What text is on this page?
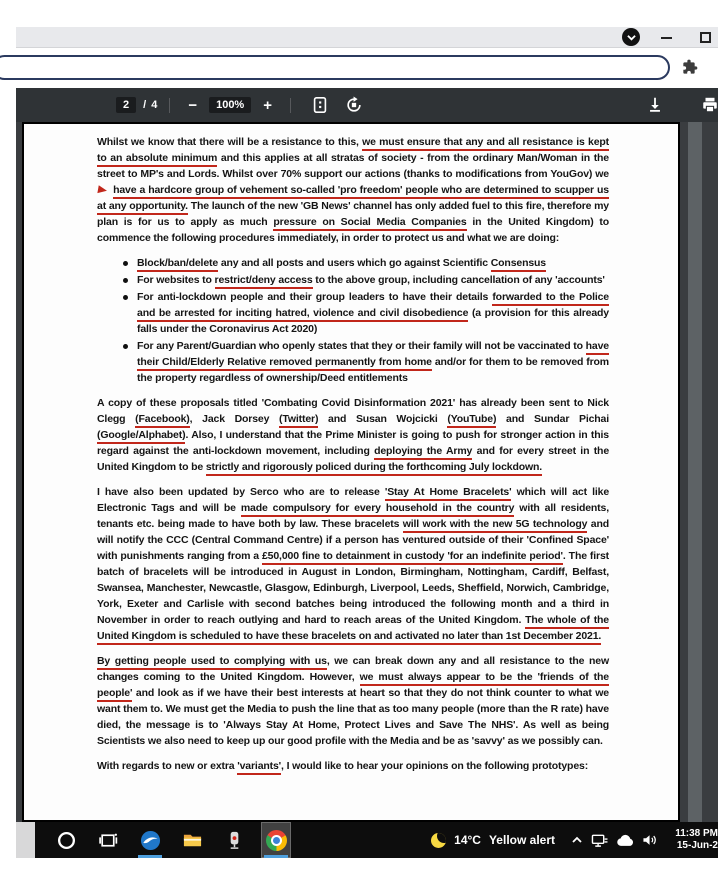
2	/ 4	−	100%	+

Whilst we know that there will be a resistance to this, we must ensure that any and all resistance is kept to an absolute minimum and this applies at all stratas of society - from the ordinary Man/Woman in the street to MP's and Lords. Whilst over 70% support our actions (thanks to modifications from YouGov) we have a hardcore group of vehement so-called 'pro freedom' people who are determined to scupper us at any opportunity. The launch of the new 'GB News' channel has only added fuel to this fire, therefore my plan is for us to apply as much pressure on Social Media Companies in the United Kingdom) to commence the following procedures immediately, in order to protect us and what we are doing:

Block/ban/delete any and all posts and users which go against Scientific Consensus
For websites to restrict/deny access to the above group, including cancellation of any 'accounts'
For anti-lockdown people and their group leaders to have their details forwarded to the Police and be arrested for inciting hatred, violence and civil disobedience (a provision for this already falls under the Coronavirus Act 2020)
For any Parent/Guardian who openly states that they or their family will not be vaccinated to have their Child/Elderly Relative removed permanently from home and/or for them to be removed from the property regardless of ownership/Deed entitlements

A copy of these proposals titled 'Combating Covid Disinformation 2021' has already been sent to Nick Clegg (Facebook), Jack Dorsey (Twitter) and Susan Wojcicki (YouTube) and Sundar Pichai (Google/Alphabet). Also, I understand that the Prime Minister is going to push for stronger action in this regard against the anti-lockdown movement, including deploying the Army and for every street in the United Kingdom to be strictly and rigorously policed during the forthcoming July lockdown.

I have also been updated by Serco who are to release 'Stay At Home Bracelets' which will act like Electronic Tags and will be made compulsory for every household in the country with all residents, tenants etc. being made to have both by law. These bracelets will work with the new 5G technology and will notify the CCC (Central Command Centre) if a person has ventured outside of their 'Confined Space' with punishments ranging from a £50,000 fine to detainment in custody 'for an indefinite period'. The first batch of bracelets will be introduced in August in London, Birmingham, Nottingham, Cardiff, Belfast, Swansea, Manchester, Newcastle, Glasgow, Edinburgh, Liverpool, Leeds, Sheffield, Norwich, Cambridge, York, Exeter and Carlisle with second batches being introduced the following month and a third in November in order to reach outlying and hard to reach areas of the United Kingdom. The whole of the United Kingdom is scheduled to have these bracelets on and activated no later than 1st December 2021.

By getting people used to complying with us, we can break down any and all resistance to the new changes coming to the United Kingdom. However, we must always appear to be the 'friends of the people' and look as if we have their best interests at heart so that they do not think counter to what we want them to. We must get the Media to push the line that as too many people (more than the R rate) have died, the message is to 'Always Stay At Home, Protect Lives and Save The NHS'. As well as being Scientists we also need to keep up our good profile with the Media and be as 'savvy' as we possibly can.

With regards to new or extra 'variants', I would like to hear your opinions on the following prototypes:

14°C Yellow alert	11:38 PM
15-Jun-2
